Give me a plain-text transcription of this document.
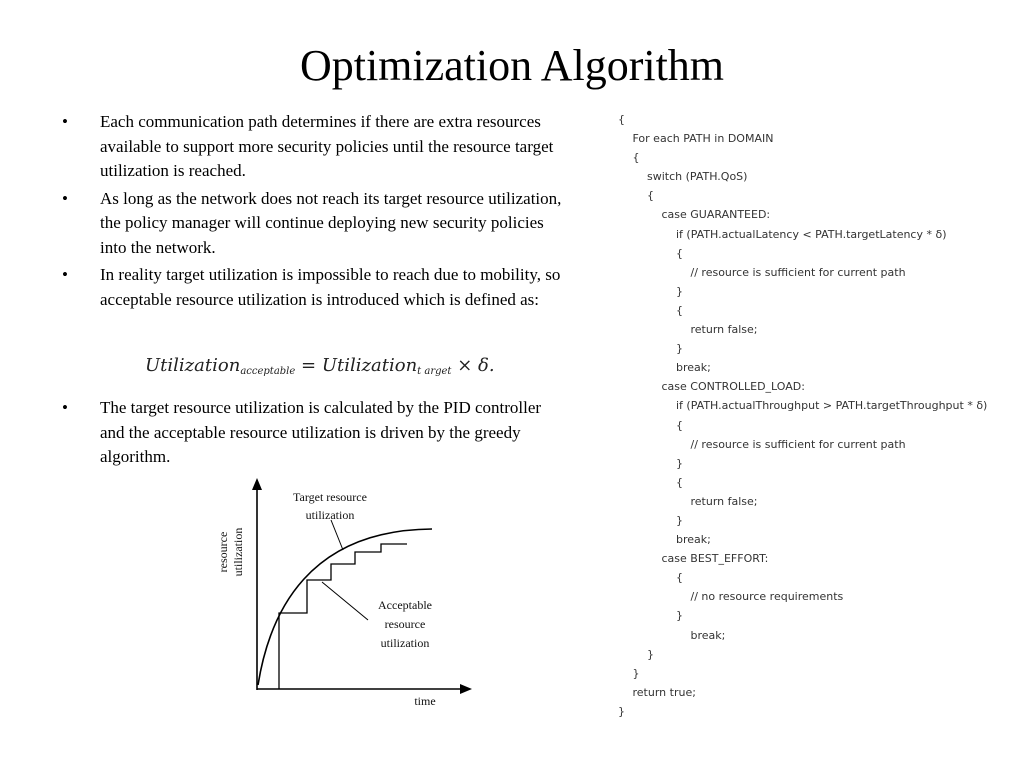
Optimization Algorithm
• Each communication path determines if there are extra resources available to support more security policies until the resource target utilization is reached.
• As long as the network does not reach its target resource utilization, the policy manager will continue deploying new security policies into the network.
• In reality target utilization is impossible to reach due to mobility, so acceptable resource utilization is introduced which is defined as:
Utilization$_{acceptable}$ = Utilization$_{t arget}$ × δ.
• The target resource utilization is calculated by the PID controller and the acceptable resource utilization is driven by the greedy algorithm.
Target resource
utilization
Acceptable
resource
utilization
time
resource utilization
{
For each PATH in DOMAIN
{
switch (PATH.QoS)
{
case GUARANTEED:
if (PATH.actualLatency < PATH.targetLatency * δ)
{
// resource is sufficient for current path
}
{
return false;
}
break;
case CONTROLLED_LOAD:
if (PATH.actualThroughput > PATH.targetThroughput * δ)
{
// resource is sufficient for current path
}
{
return false;
}
break;
case BEST_EFFORT:
{
// no resource requirements
}
break;
}
}
return true;
}
